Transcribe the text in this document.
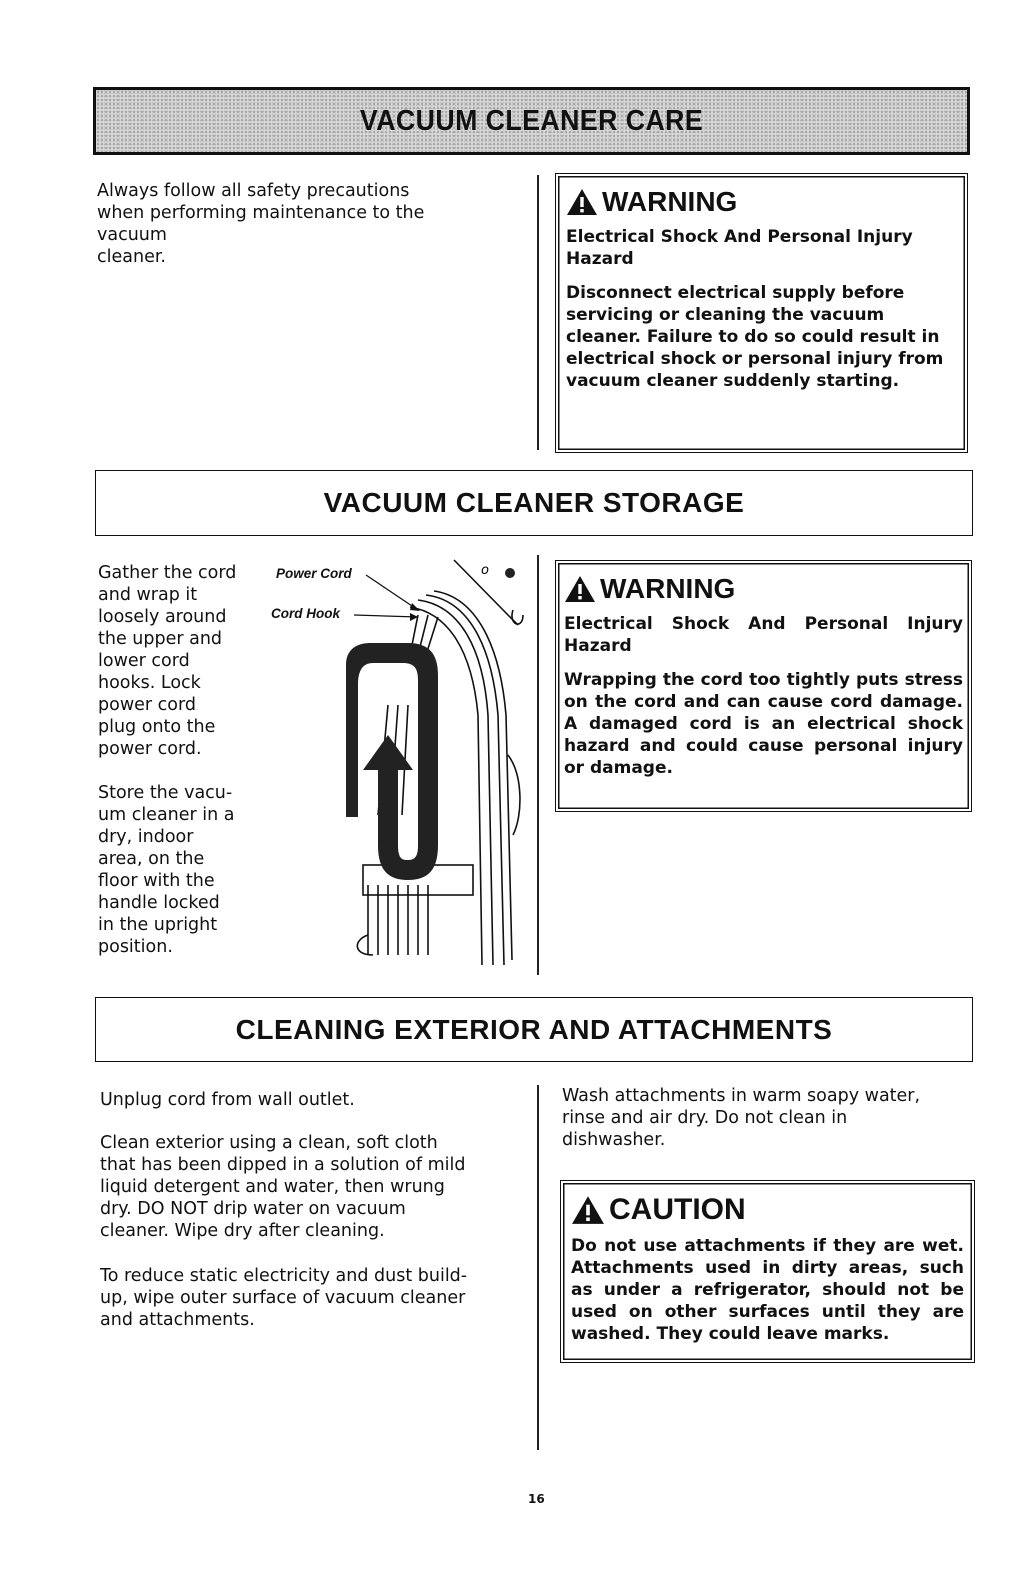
VACUUM CLEANER CARE
Always follow all safety precautions
when performing maintenance to the
vacuum
cleaner.
WARNING
Electrical Shock And Personal Injury
Hazard
Disconnect electrical supply before
servicing or cleaning the vacuum
cleaner. Failure to do so could result in
electrical shock or personal injury from
vacuum cleaner suddenly starting.
VACUUM CLEANER STORAGE
Gather the cord
and wrap it
loosely around
the upper and
lower cord
hooks. Lock
power cord
plug onto the
power cord.
Store the vacu-
um cleaner in a
dry, indoor
area, on the
floor with the
handle locked
in the upright
position.
o
Power Cord
Cord Hook
WARNING
Electrical Shock And Personal Injury
Hazard
Wrapping the cord too tightly puts stress
on the cord and can cause cord damage.
A damaged cord is an electrical shock
hazard and could cause personal injury
or damage.
CLEANING EXTERIOR AND ATTACHMENTS
Unplug cord from wall outlet.
Clean exterior using a clean, soft cloth
that has been dipped in a solution of mild
liquid detergent and water, then wrung
dry. DO NOT drip water on vacuum
cleaner. Wipe dry after cleaning.
To reduce static electricity and dust build-
up, wipe outer surface of vacuum cleaner
and attachments.
Wash attachments in warm soapy water,
rinse and air dry. Do not clean in
dishwasher.
CAUTION
Do not use attachments if they are wet.
Attachments used in dirty areas, such
as under a refrigerator, should not be
used on other surfaces until they are
washed. They could leave marks.
16
